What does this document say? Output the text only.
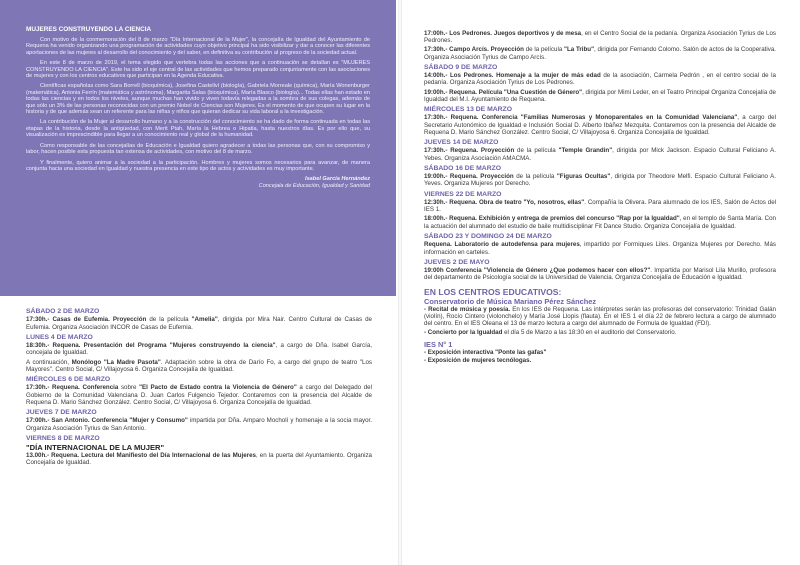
MUJERES CONSTRUYENDO LA CIENCIA

Con motivo de la conmemoración del 8 de marzo "Día Internacional de la Mujer", la concejalía de Igualdad del Ayuntamiento de Requena ha venido organizando una programación de actividades cuyo objetivo principal ha sido visibilizar y dar a conocer las diferentes aportaciones de las mujeres al desarrollo del conocimiento y del saber, en definitiva su contribución al progreso de la sociedad actual.

En este 8 de marzo de 2019, el tema elegido que vertebra todas las acciones que a continuación se detallan es "MUJERES CONSTRUYENDO LA CIENCIA". Este ha sido el eje central de las actividades que hemos preparado conjuntamente con las asociaciones de mujeres y con los centros educativos que participan en la Agenda Educativa.

Científicas españolas como Sara Borrell (bioquímica), Josefina Castellví (biología), Gabriela Morreale (química), María Wonenburger (matemática), Antonia Ferrín (matemática y astrónoma), Margarita Salas (bioquímica), María Blasco (biología)... Todas ellas han estado en todas las ciencias y en todos los niveles, aunque muchas han vivido y viven todavía relegadas a la sombra de sus colegas, además de que sólo un 3% de las personas reconocidas con un premio Nobel de Ciencias son Mujeres. Es el momento de que ocupen su lugar en la historia y de que además sean un referente para las niñas y niños que quieran dedicar su vida laboral a la investigación.

La contribución de la Mujer al desarrollo humano y a la construcción del conocimiento se ha dado de forma continuada en todas las etapas de la historia, desde la antigüedad, con Merit Ptah, María la Hebrea o Hipatia, hasta nuestros días. Es por ello que, su visualización es imprescindible para llegar a un conocimiento real y global de la humanidad.

Como responsable de las concejalías de Educación e Igualdad quiero agradecer a todas las personas que, con su compromiso y labor, hacen posible esta propuesta tan extensa de actividades, con motivo del 8 de marzo.

Y finalmente, quiero animar a la sociedad a la participación. Hombres y mujeres somos necesarios para avanzar, de manera conjunta hacia una sociedad en Igualdad y nuestra presencia en este tipo de actos y actividades es muy importante.

Isabel García Hernández
Concejala de Educación, Igualdad y Sanidad
SÁBADO 2 DE MARZO

17:30h.- Casas de Eufemia. Proyección de la película "Amelia", dirigida por Mira Nair. Centro Cultural de Casas de Eufemia. Organiza Asociación INCOR de Casas de Eufemia.

LUNES 4 DE MARZO

18:30h.- Requena. Presentación del Programa "Mujeres construyendo la ciencia", a cargo de Dña. Isabel García, concejala de Igualdad.

A continuación, Monólogo "La Madre Pasota". Adaptación sobre la obra de Darío Fo, a cargo del grupo de teatro "Los Mayores". Centro Social, C/ Villajoyosa 6. Organiza Concejalía de Igualdad.

MIÉRCOLES 6 DE MARZO

17:30h.- Requena. Conferencia sobre "El Pacto de Estado contra la Violencia de Género" a cargo del Delegado del Gobierno de la Comunidad Valenciana D. Juan Carlos Fulgencio Tejedor. Contaremos con la presencia del Alcalde de Requena D. Mario Sánchez González. Centro Social, C/ Villajoyosa 6. Organiza Concejalía de Igualdad.

JUEVES 7 DE MARZO

17:00h.- San Antonio. Conferencia "Mujer y Consumo" impartida por Dña. Amparo Mocholí y homenaje a la socia mayor. Organiza Asociación Tyrius de San Antonio.

VIERNES 8 DE MARZO
"DÍA INTERNACIONAL DE LA MUJER"

13.00h.- Requena. Lectura del Manifiesto del Día Internacional de las Mujeres, en la puerta del Ayuntamiento. Organiza Concejalía de Igualdad.

17:00h.- Los Pedrones. Juegos deportivos y de mesa, en el Centro Social de la pedanía. Organiza Asociación Tyrius de Los Pedrones.

17:30h.- Campo Arcís. Proyección de la película "La Tribu", dirigida por Fernando Colomo. Salón de actos de la Cooperativa. Organiza Asociación Tyrius de Campo Arcís.

SÁBADO 9 DE MARZO

14:00h.- Los Pedrones. Homenaje a la mujer de más edad de la asociación, Carmela Pedrón , en el centro social de la pedanía. Organiza Asociación Tyrius de Los Pedrones.

19:00h.- Requena. Película "Una Cuestión de Género", dirigida por Mimi Leder, en el Teatro Principal Organiza Concejalía de Igualdad del M.I. Ayuntamiento de Requena.

MIÉRCOLES 13 DE MARZO

17:30h.- Requena. Conferencia "Familias Numerosas y Monoparentales en la Comunidad Valenciana", a cargo del Secretario Autonómico de Igualdad e Inclusión Social D. Alberto Ibáñez Mezquita. Contaremos con la presencia del Alcalde de Requena D. Mario Sánchez González. Centro Social, C/ Villajoyosa 6. Organiza Concejalía de Igualdad.

JUEVES 14 DE MARZO

17:30h.- Requena. Proyección de la película "Temple Grandin", dirigida por Mick Jackson. Espacio Cultural Feliciano A. Yebes. Organiza Asociación AMACMA.

SÁBADO 16 DE MARZO

19:00h.- Requena. Proyección de la película "Figuras Ocultas", dirigida por Theodore Melfi. Espacio Cultural Feliciano A. Yeves. Organiza Mujeres por Derecho.

VIERNES 22 DE MARZO

12:30h.- Requena. Obra de teatro "Yo, nosotros, ellas". Compañía la Olivera. Para alumnado de los IES, Salón de Actos del IES 1.

18:00h.- Requena. Exhibición y entrega de premios del concurso "Rap por la Igualdad", en el templo de Santa María. Con la actuación del alumnado del estudio de baile multidisciplinar Fit Dance Studio. Organiza Concejalía de Igualdad.

SÁBADO 23 Y DOMINGO 24 DE MARZO

Requena. Laboratorio de autodefensa para mujeres, impartido por Formiques Liles. Organiza Mujeres por Derecho. Más información en carteles.

JUEVES 2 DE MAYO

19:00h Conferencia "Violencia de Género ¿Que podemos hacer con ellos?". Impartida por Marisol Lila Murillo, profesora del departamento de Psicología social de la Universidad de Valencia. Organiza Concejalía de Educación e Igualdad.

EN LOS CENTROS EDUCATIVOS:
Conservatorio de Música Mariano Pérez Sánchez

- Recital de música y poesía. En los IES de Requena. Las intérpretes serán las profesoras del conservatorio: Trinidad Galán (violín), Rocío Cintero (violonchelo) y María José Llopis (flauta). En el IES 1 el día 22 de febrero lectura a cargo de alumnado del centro. En el IES Oleana el 13 de marzo lectura a cargo del alumnado de Formula de Igualdad (FDI).

- Concierto por la Igualdad el día 5 de Marzo a las 18:30 en el auditorio del Conservatorio.

IES N° 1

- Exposición interactiva "Ponte las gafas"

- Exposición de mujeres tecnólogas.
